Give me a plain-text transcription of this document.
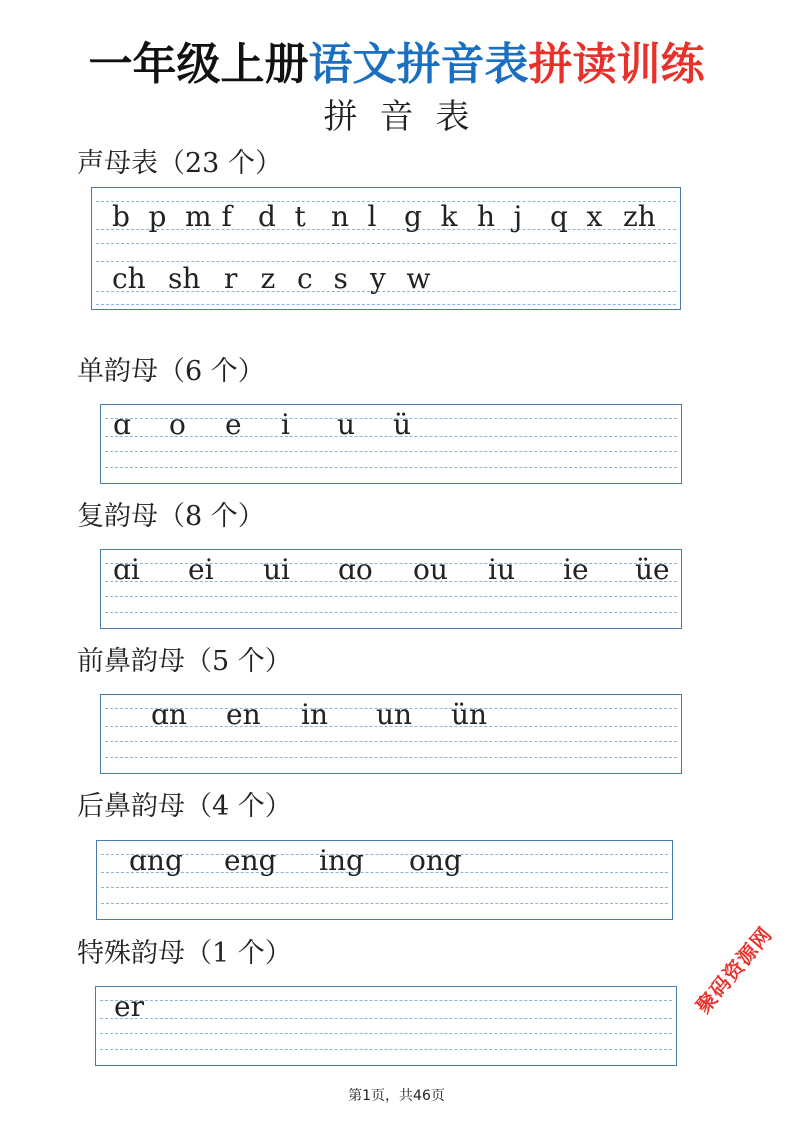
一年级上册语文拼音表拼读训练
拼音表
声母表（23 个）
b p m f d t n l g k h j q x zh
ch sh r z c s y w
单韵母（6 个）
ɑ o e i u ü
复韵母（8 个）
ɑi ei ui ɑo ou iu ie üe
前鼻韵母（5 个）
ɑn en in un ün
后鼻韵母（4 个）
ɑng eng ing ong
特殊韵母（1 个）
er	聚码资源网
第1页，共46页
